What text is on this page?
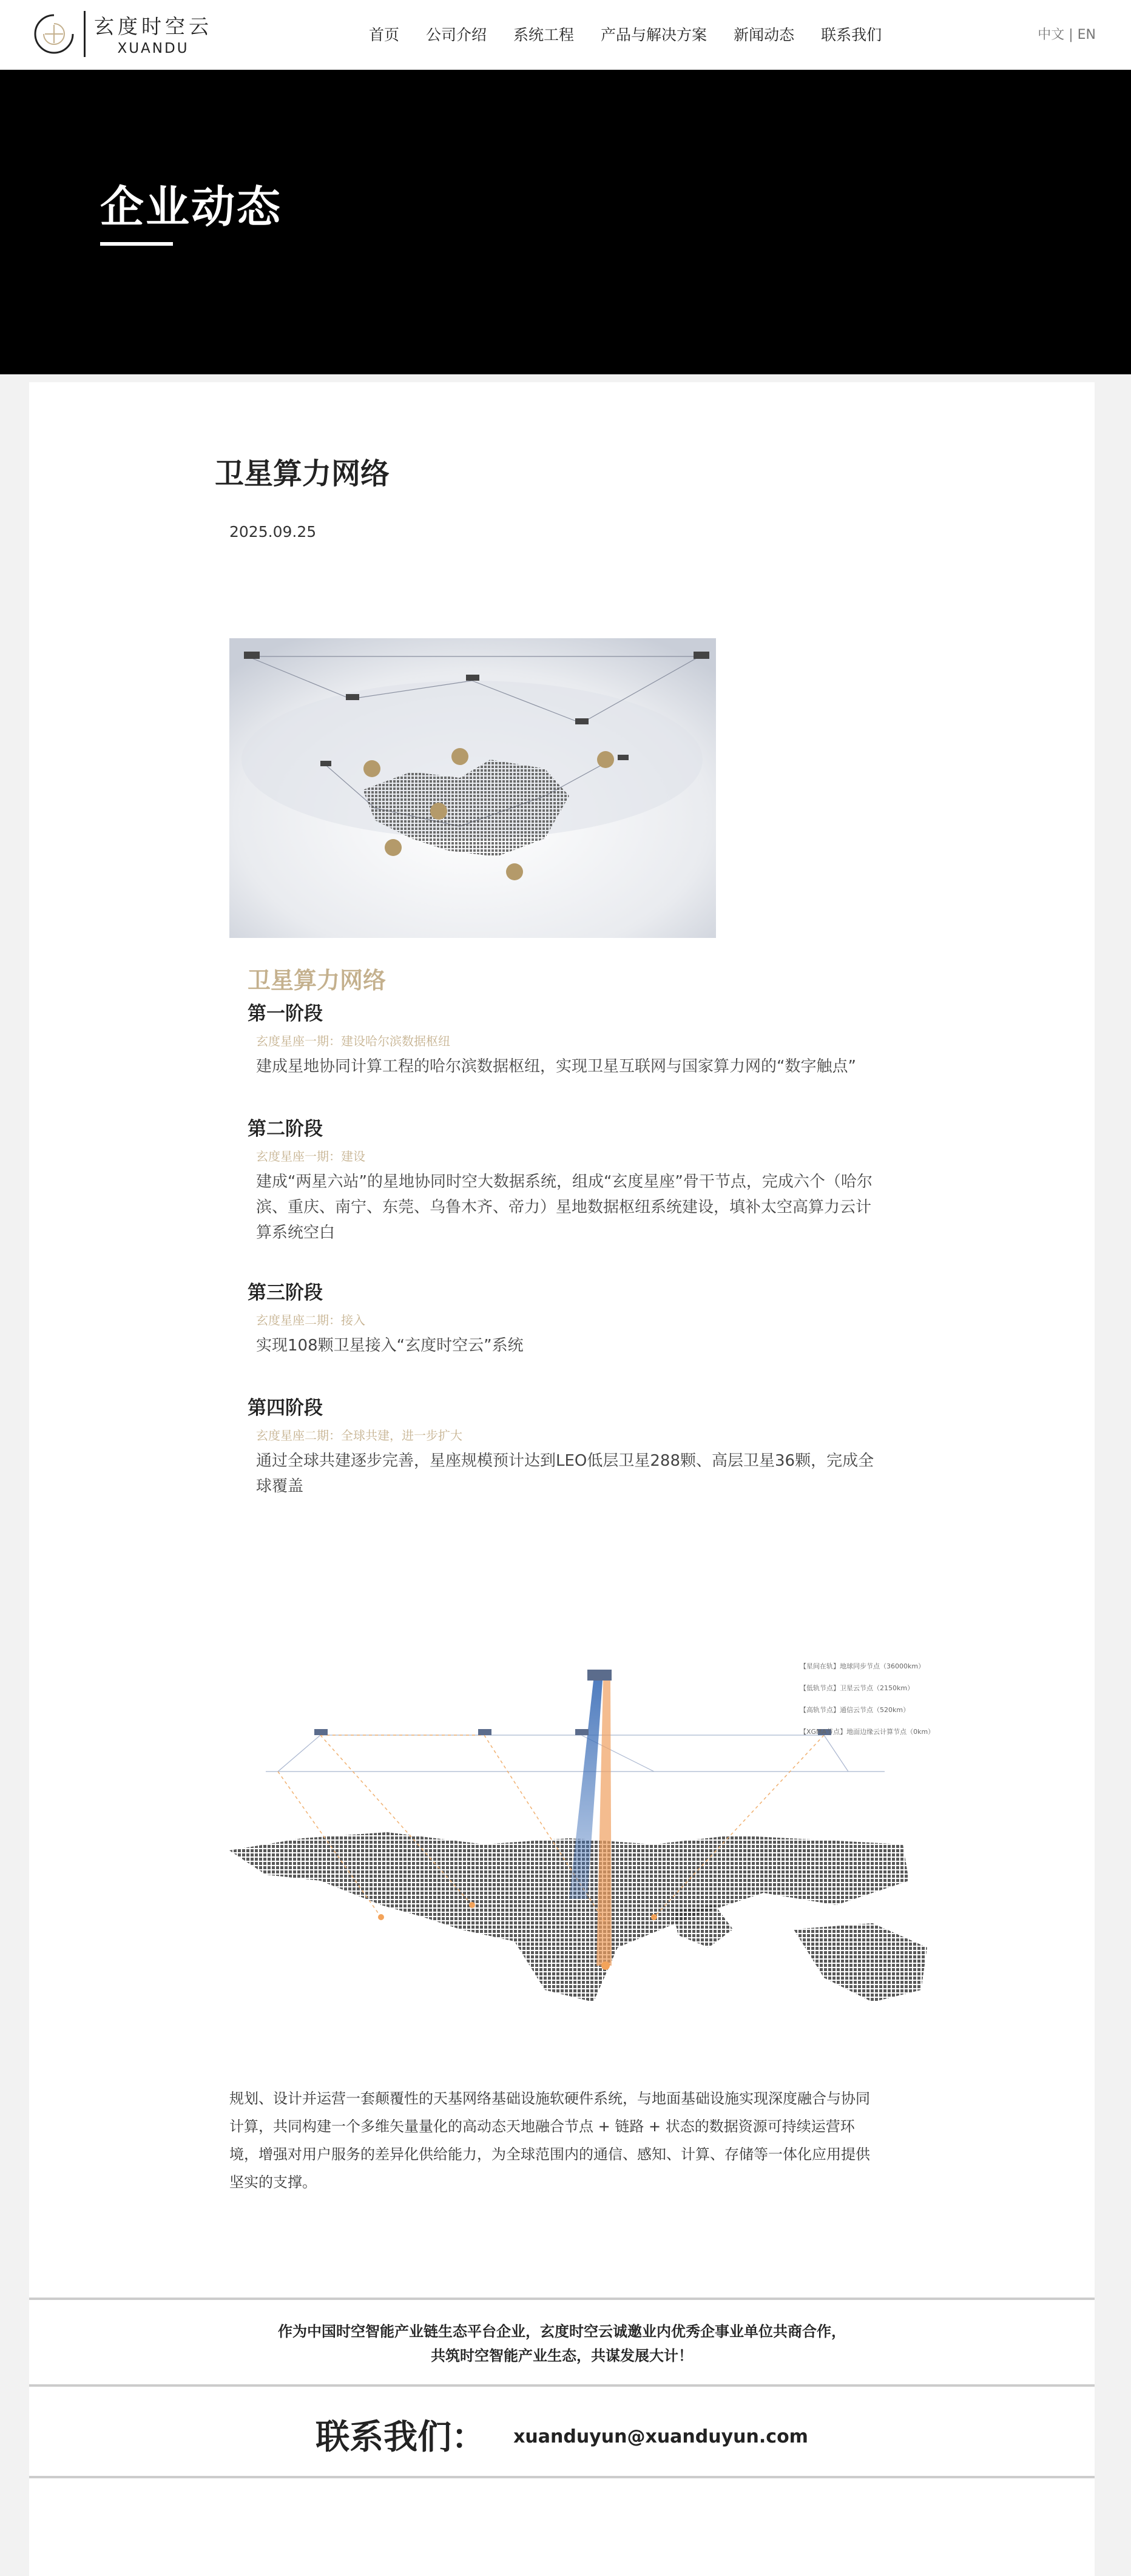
玄度时空云
XUANDU
首页 公司介绍 系统工程 产品与解决方案 新闻动态 联系我们	中文 | EN
企业动态
卫星算力网络
2025.09.25
卫星算力网络
第一阶段
玄度星座一期：建设哈尔滨数据枢纽
建成星地协同计算工程的哈尔滨数据枢纽，实现卫星互联网与国家算力网的“数字触点”
第二阶段
玄度星座一期：建设
建成“两星六站”的星地协同时空大数据系统，组成“玄度星座”骨干节点，完成六个（哈尔滨、重庆、南宁、东莞、乌鲁木齐、帝力）星地数据枢纽系统建设，填补太空高算力云计算系统空白
第三阶段
玄度星座二期：接入
实现108颗卫星接入“玄度时空云”系统
第四阶段
玄度星座二期：全球共建，进一步扩大
通过全球共建逐步完善，星座规模预计达到LEO低层卫星288颗、高层卫星36颗，完成全球覆盖
【星间在轨】地球同步节点（36000km）
【低轨节点】卫星云节点（2150km）
【高轨节点】通信云节点（520km）
【XGMA节点】地面边缘云计算节点（0km）

规划、设计并运营一套颠覆性的天基网络基础设施软硬件系统，与地面基础设施实现深度融合与协同计算，共同构建一个多维矢量量化的高动态天地融合节点 + 链路 + 状态的数据资源可持续运营环境，增强对用户服务的差异化供给能力，为全球范围内的通信、感知、计算、存储等一体化应用提供坚实的支撑。

作为中国时空智能产业链生态平台企业，玄度时空云诚邀业内优秀企事业单位共商合作，
共筑时空智能产业生态，共谋发展大计！
联系我们： xuanduyun@xuanduyun.com
